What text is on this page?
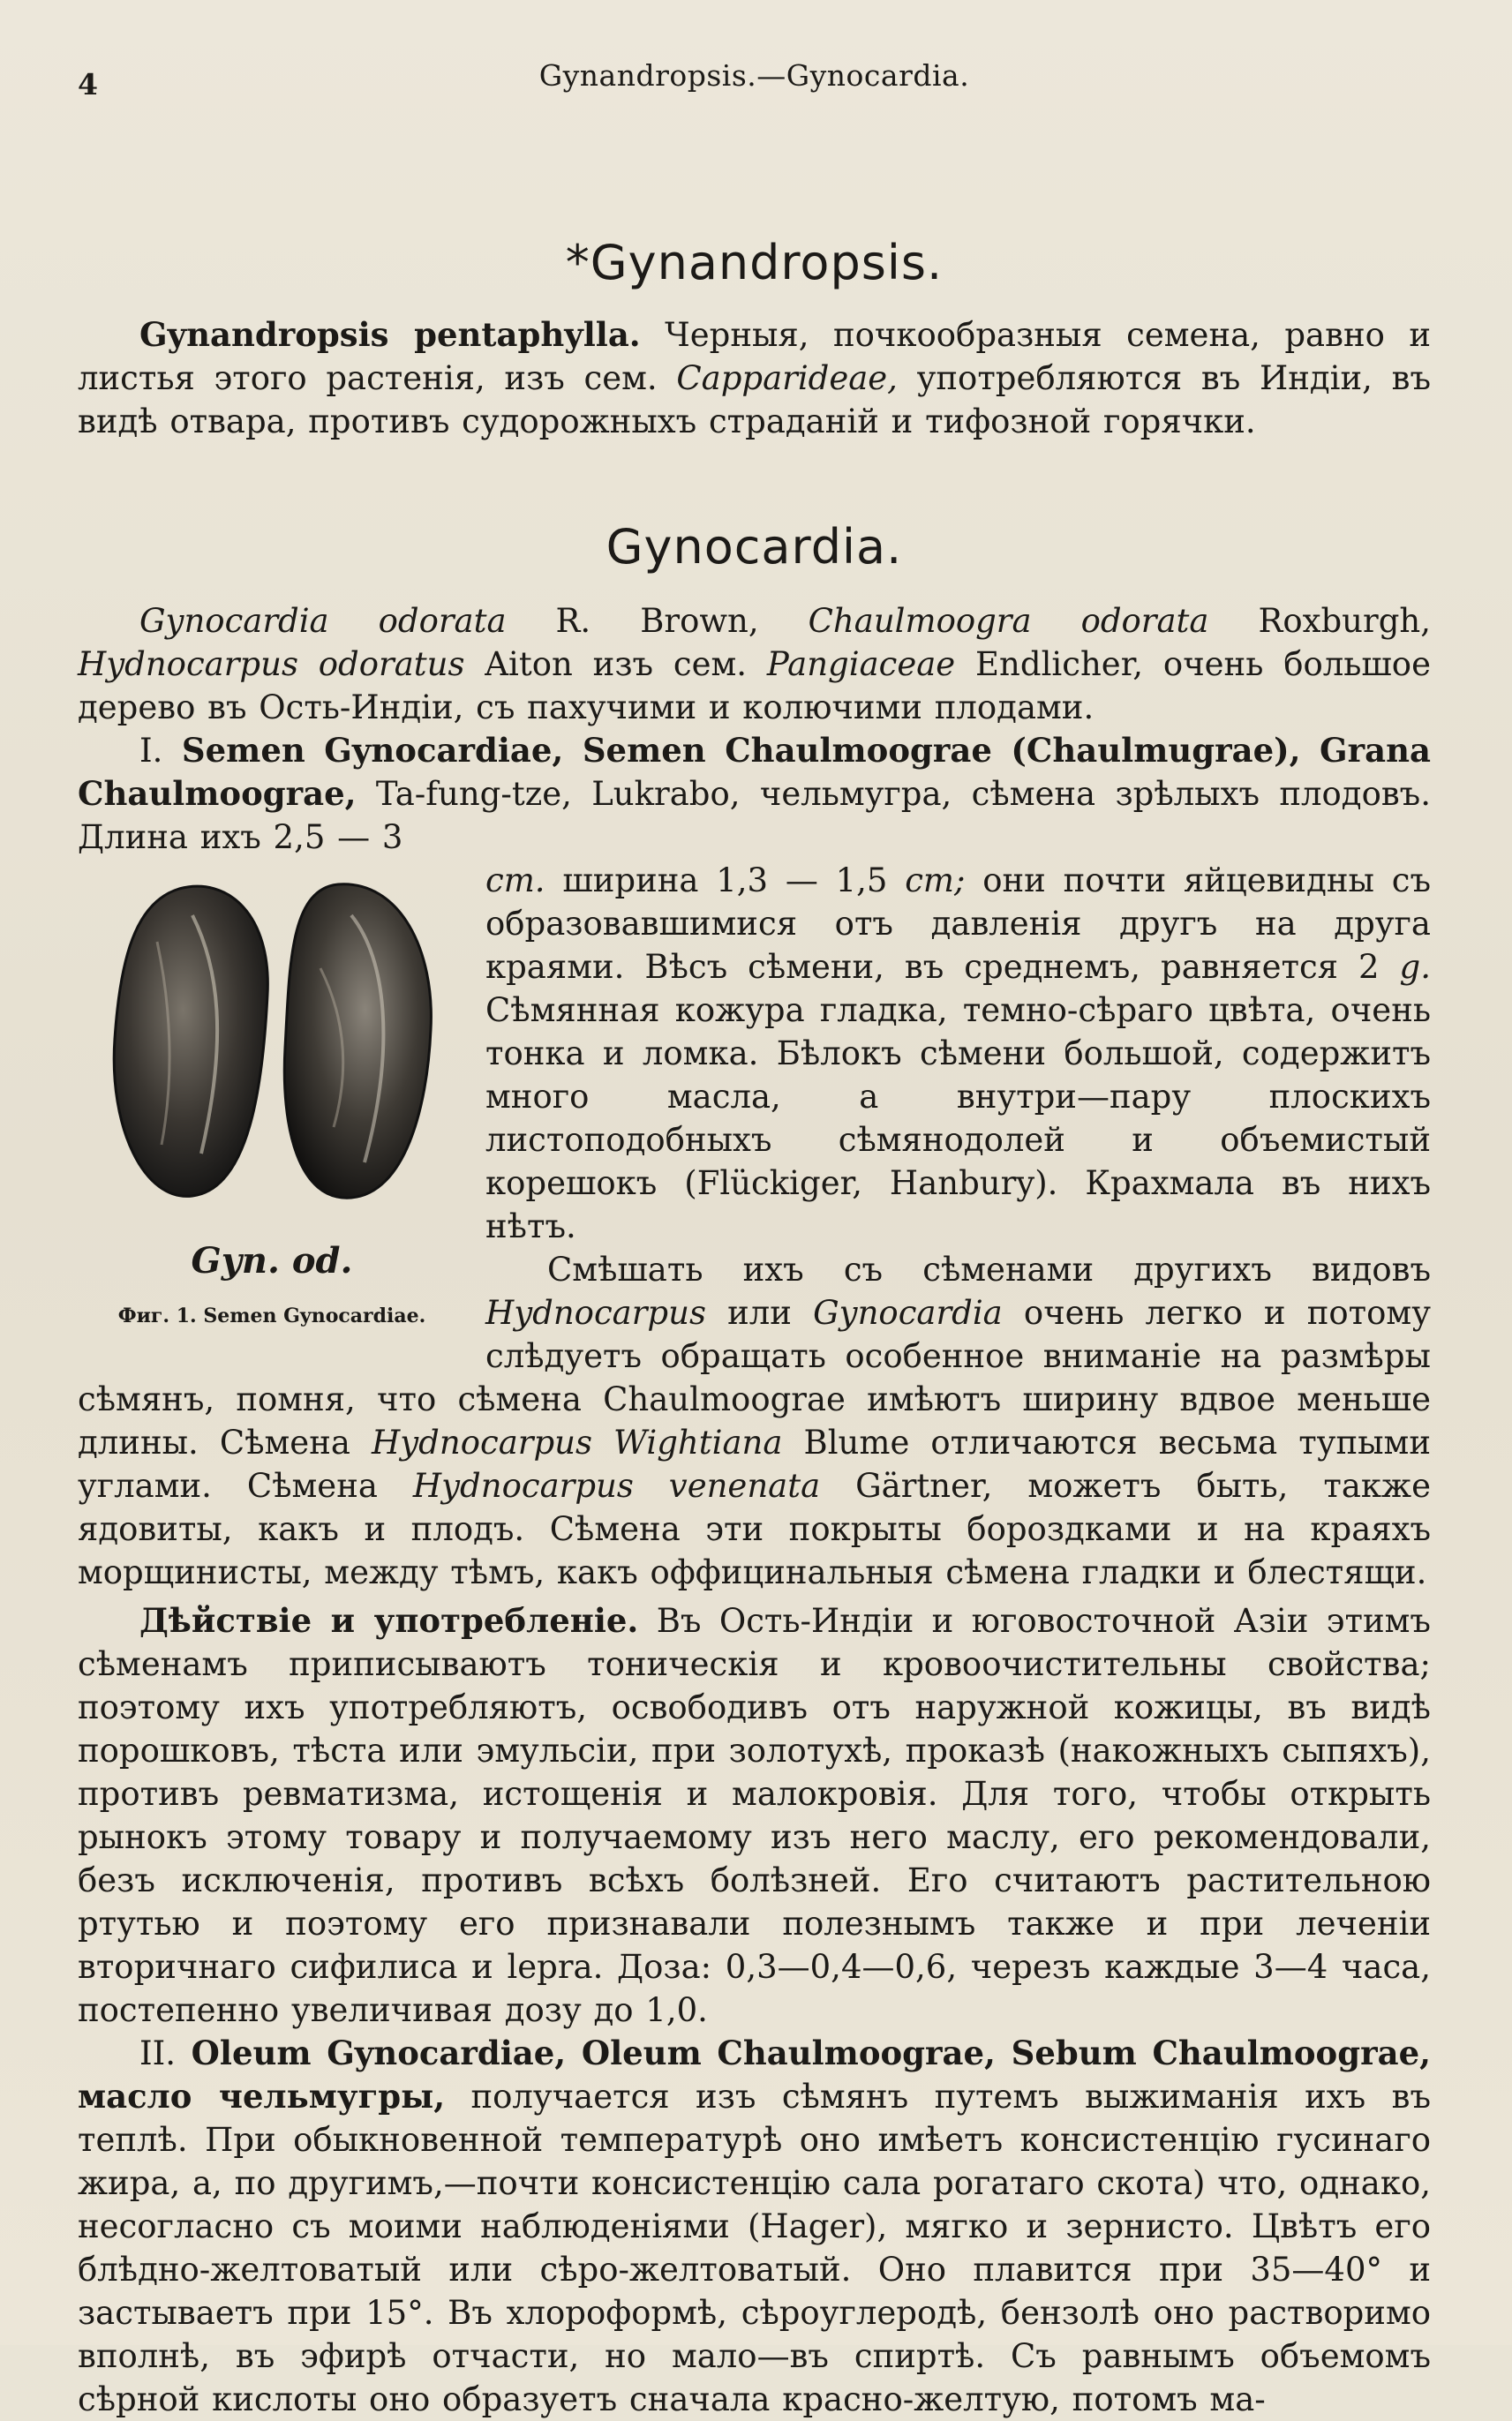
4	Gynandropsis.—Gynocardia.
*Gynandropsis.

Gynandropsis pentaphylla. Черныя, почкообразныя семена, равно и листья этого растенія, изъ сем. Capparideae, употребляются въ Индіи, въ видѣ отвара, противъ судорожныхъ страданій и тифозной горячки.

Gynocardia.

Gynocardia odorata R. Brown, Chaulmoogra odorata Roxburgh, Hydnocarpus odoratus Aiton изъ сем. Pangiaceae Endlicher, очень большое дерево въ Ость-Индіи, съ пахучими и колючими плодами.

I. Semen Gynocardiae, Semen Chaulmoograe (Chaulmugrae), Grana Chaulmoograe, Ta-fung-tze, Lukrabo, чельмугра, сѣмена зрѣлыхъ плодовъ. Длина ихъ 2,5 — 3

Gyn. od.
Фиг. 1. Semen Gynocardiae.

cm. ширина 1,3 — 1,5 cm; они почти яйцевидны съ образовавшимися отъ давленія другъ на друга краями. Вѣсъ сѣмени, въ среднемъ, равняется 2 g. Сѣмянная кожура гладка, темно-сѣраго цвѣта, очень тонка и ломка. Бѣлокъ сѣмени большой, содержитъ много масла, а внутри—пару плоскихъ листоподобныхъ сѣмянодолей и объемистый корешокъ (Flückiger, Hanbury). Крахмала въ нихъ нѣтъ.

Смѣшать ихъ съ сѣменами другихъ видовъ Hydnocarpus или Gynocardia очень легко и потому слѣдуетъ обращать особенное вниманіе на размѣры сѣмянъ, помня, что сѣмена Chaulmoograe имѣютъ ширину вдвое меньше длины. Сѣмена Hydnocarpus Wightiana Blume отличаются весьма тупыми углами. Сѣмена Hydnocarpus venenata Gärtner, можетъ быть, также ядовиты, какъ и плодъ. Сѣмена эти покрыты бороздками и на краяхъ морщинисты, между тѣмъ, какъ оффицинальныя сѣмена гладки и блестящи.

Дѣйствіе и употребленіе. Въ Ость-Индіи и юговосточной Азіи этимъ сѣменамъ приписываютъ тоническія и кровоочистительны свойства; поэтому ихъ употребляютъ, освободивъ отъ наружной кожицы, въ видѣ порошковъ, тѣста или эмульсіи, при золотухѣ, проказѣ (накожныхъ сыпяхъ), противъ ревматизма, истощенія и малокровія. Для того, чтобы открыть рынокъ этому товару и получаемому изъ него маслу, его рекомендовали, безъ исключенія, противъ всѣхъ болѣзней. Его считаютъ растительною ртутью и поэтому его признавали полезнымъ также и при леченіи вторичнаго сифилиса и lepra. Доза: 0,3—0,4—0,6, черезъ каждые 3—4 часа, постепенно увеличивая дозу до 1,0.

II. Oleum Gynocardiae, Oleum Chaulmoograe, Sebum Chaulmoograe, масло чельмугры, получается изъ сѣмянъ путемъ выжиманія ихъ въ теплѣ. При обыкновенной температурѣ оно имѣетъ консистенцію гусинаго жира, а, по другимъ,—почти консистенцію сала рогатаго скота) что, однако, несогласно съ моими наблюденіями (Hager), мягко и зернисто. Цвѣтъ его блѣдно-желтоватый или сѣро-желтоватый. Оно плавится при 35—40° и застываетъ при 15°. Въ хлороформѣ, сѣроуглеродѣ, бензолѣ оно растворимо вполнѣ, въ эфирѣ отчасти, но мало—въ спиртѣ. Съ равнымъ объемомъ сѣрной кислоты оно образуетъ сначала красно-желтую, потомъ ма-
